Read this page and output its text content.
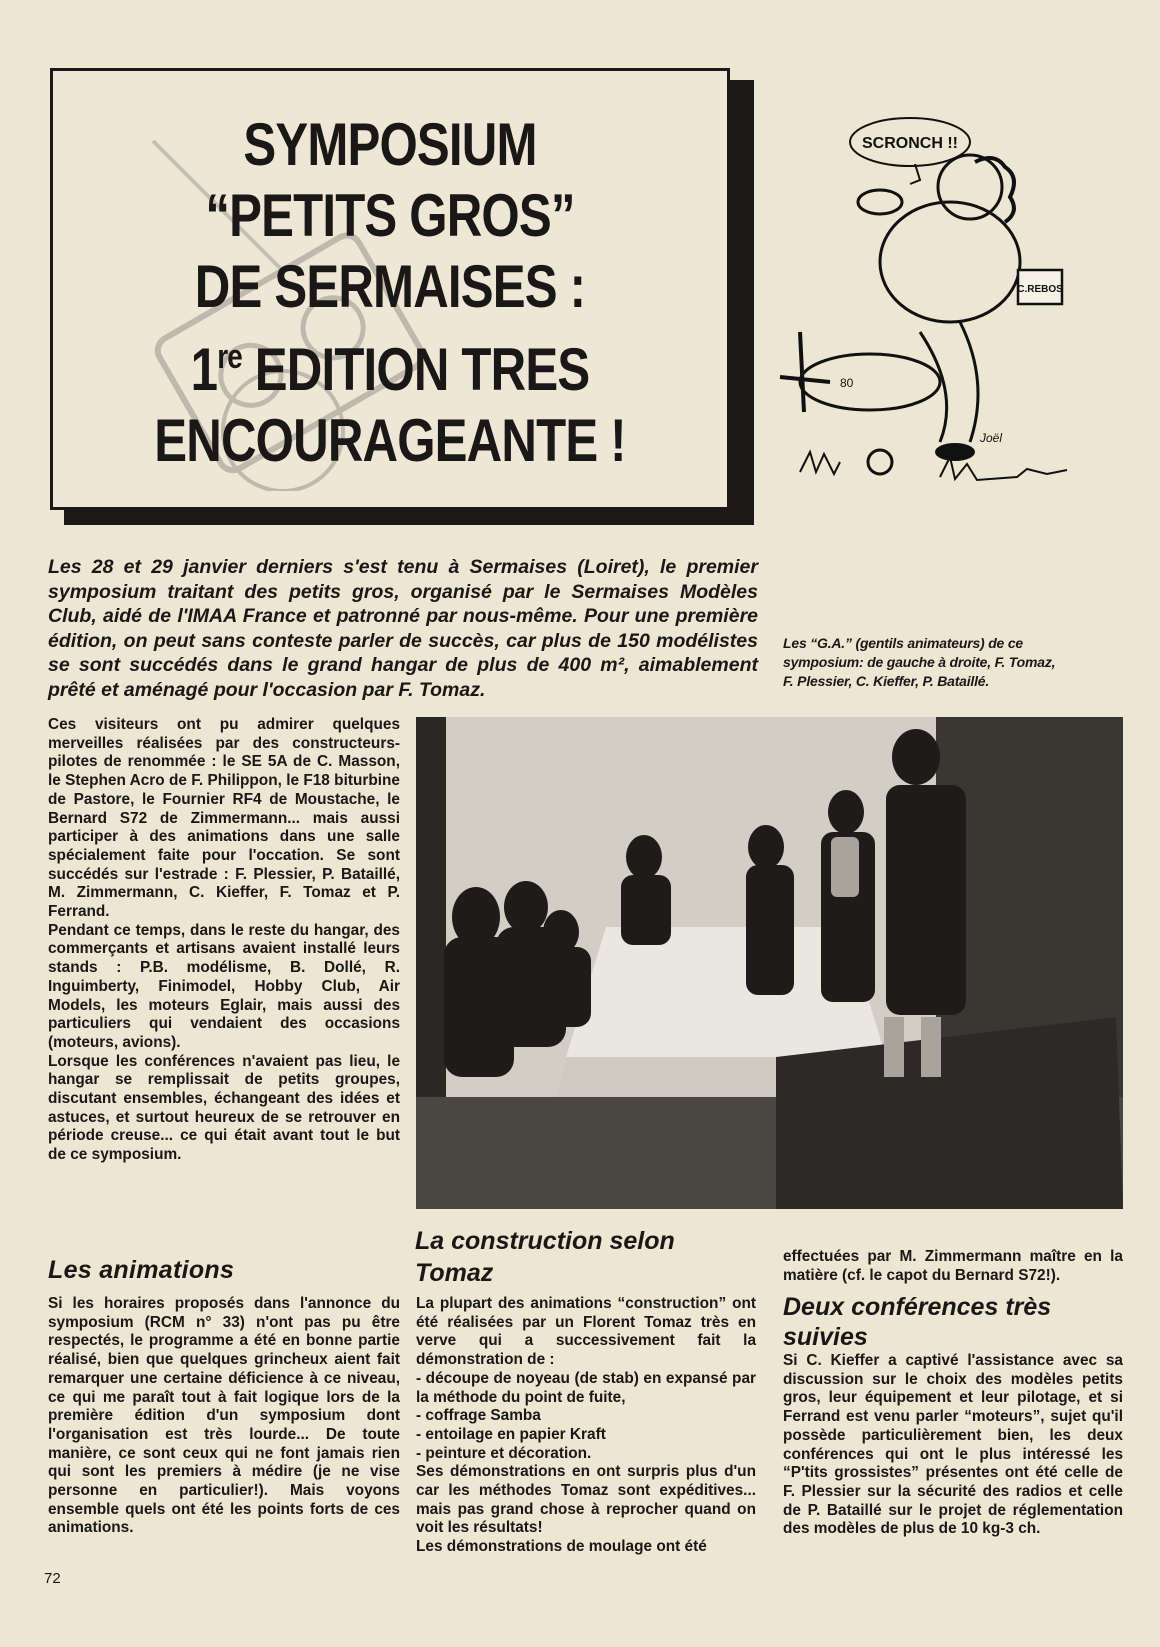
SYMPOSIUM
“PETITS GROS”
DE SERMAISES :
1re EDITION TRES
ENCOURAGEANTE !
SCRONCH !!
C.REBOS
80
Joël

Les 28 et 29 janvier derniers s'est tenu à Sermaises (Loiret), le premier symposium traitant des petits gros, organisé par le Sermaises Modèles Club, aidé de l'IMAA France et patronné par nous-même. Pour une première édition, on peut sans conteste parler de succès, car plus de 150 modélistes se sont succédés dans le grand hangar de plus de 400 m², aimablement prêté et aménagé pour l'occasion par F. Tomaz.

Les “G.A.” (gentils animateurs) de ce symposium: de gauche à droite, F. Tomaz, F. Plessier, C. Kieffer, P. Bataillé.

Ces visiteurs ont pu admirer quelques merveilles réalisées par des constructeurs-pilotes de renommée : le SE 5A de C. Masson, le Stephen Acro de F. Philippon, le F18 biturbine de Pastore, le Fournier RF4 de Moustache, le Bernard S72 de Zimmermann... mais aussi participer à des animations dans une salle spécialement faite pour l'occation. Se sont succédés sur l'estrade : F. Plessier, P. Bataillé, M. Zimmermann, C. Kieffer, F. Tomaz et P. Ferrand.

Pendant ce temps, dans le reste du hangar, des commerçants et artisans avaient installé leurs stands : P.B. modélisme, B. Dollé, R. Inguimberty, Finimodel, Hobby Club, Air Models, les moteurs Eglair, mais aussi des particuliers qui vendaient des occasions (moteurs, avions).

Lorsque les conférences n'avaient pas lieu, le hangar se remplissait de petits groupes, discutant ensembles, échangeant des idées et astuces, et surtout heureux de se retrouver en période creuse... ce qui était avant tout le but de ce symposium.

Les animations

Si les horaires proposés dans l'annonce du symposium (RCM n° 33) n'ont pas pu être respectés, le programme a été en bonne partie réalisé, bien que quelques grincheux aient fait remarquer une certaine déficience à ce niveau, ce qui me paraît tout à fait logique lors de la première édition d'un symposium dont l'organisation est très lourde... De toute manière, ce sont ceux qui ne font jamais rien qui sont les premiers à médire (je ne vise personne en particulier!). Mais voyons ensemble quels ont été les points forts de ces animations.

La construction selon Tomaz

La plupart des animations “construction” ont été réalisées par un Florent Tomaz très en verve qui a successivement fait la démonstration de :

- découpe de noyeau (de stab) en expansé par la méthode du point de fuite,

- coffrage Samba

- entoilage en papier Kraft

- peinture et décoration.

Ses démonstrations en ont surpris plus d'un car les méthodes Tomaz sont expéditives... mais pas grand chose à reprocher quand on voit les résultats!

Les démonstrations de moulage ont été

effectuées par M. Zimmermann maître en la matière (cf. le capot du Bernard S72!).

Deux conférences très suivies

Si C. Kieffer a captivé l'assistance avec sa discussion sur le choix des modèles petits gros, leur équipement et leur pilotage, et si Ferrand est venu parler “moteurs”, sujet qu'il possède particulièrement bien, les deux conférences qui ont le plus intéressé les “P'tits grossistes” présentes ont été celle de F. Plessier sur la sécurité des radios et celle de P. Bataillé sur le projet de réglementation des modèles de plus de 10 kg-3 ch.

72
